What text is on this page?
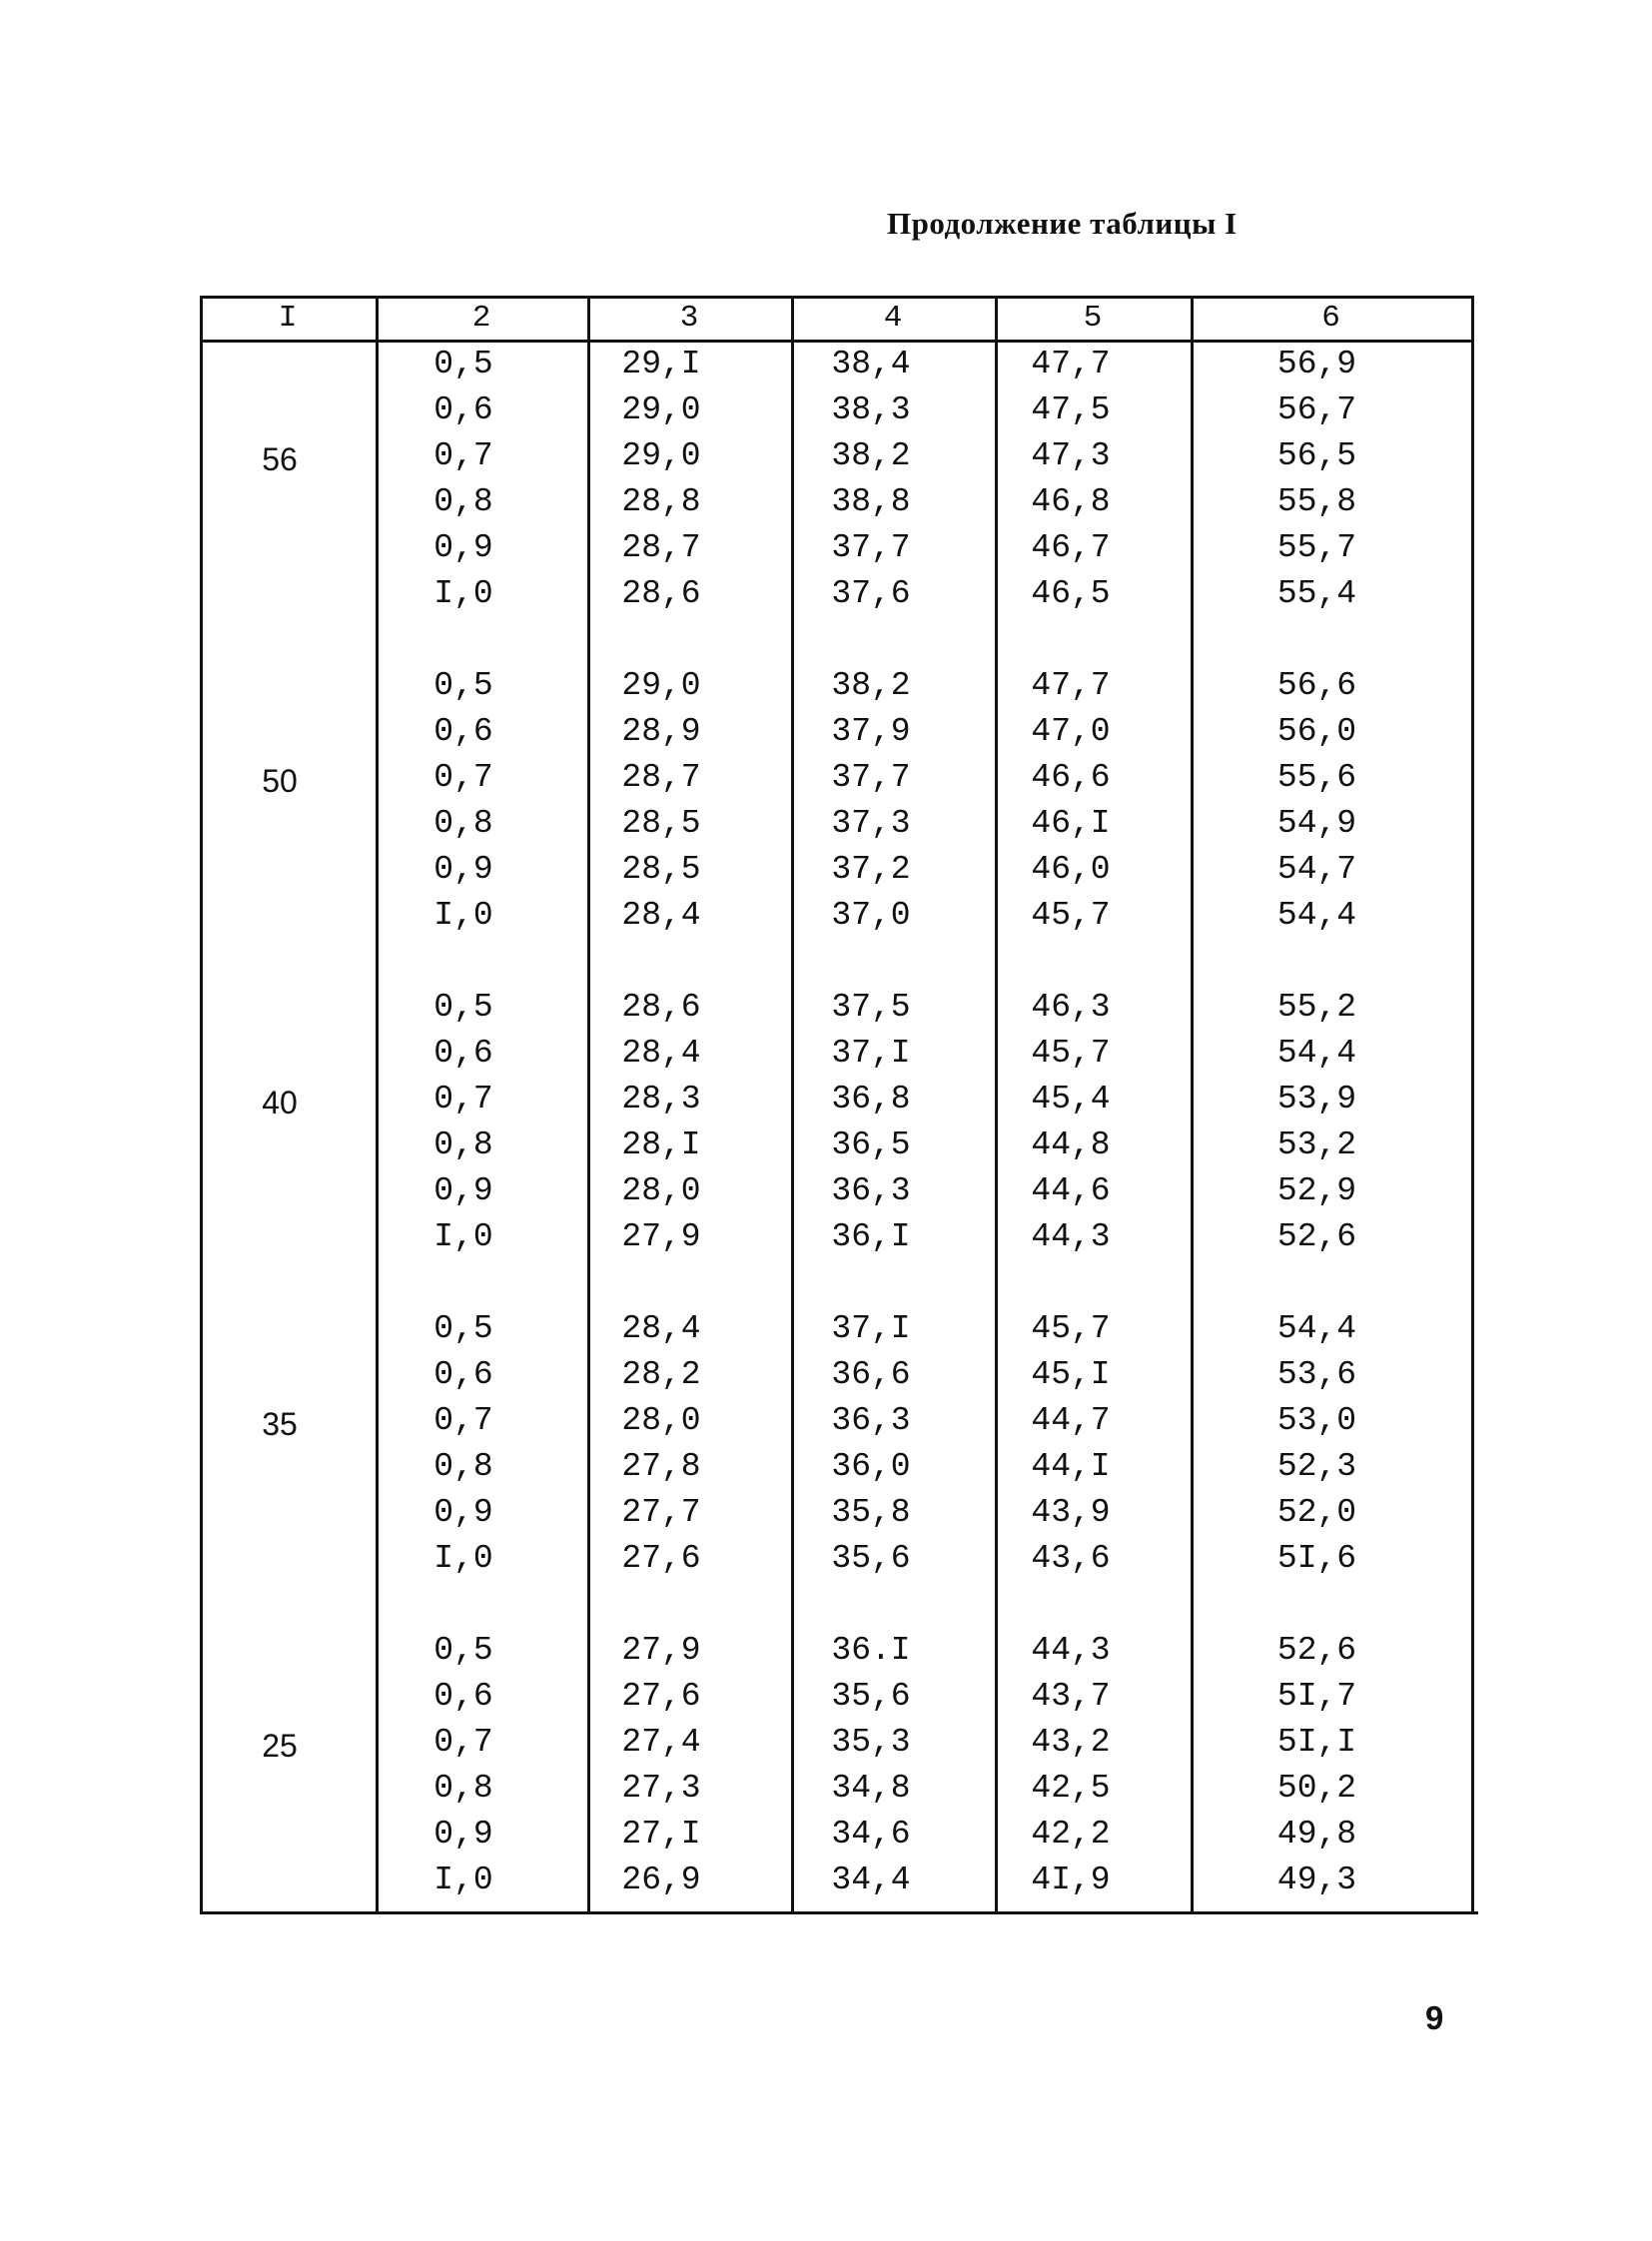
Продолжение таблицы I
I	2	3	4	5	6
56
0,5	29,I	38,4	47,7	56,9
0,6	29,0	38,3	47,5	56,7
0,7	29,0	38,2	47,3	56,5
0,8	28,8	38,8	46,8	55,8
0,9	28,7	37,7	46,7	55,7
I,0	28,6	37,6	46,5	55,4
50
0,5	29,0	38,2	47,7	56,6
0,6	28,9	37,9	47,0	56,0
0,7	28,7	37,7	46,6	55,6
0,8	28,5	37,3	46,I	54,9
0,9	28,5	37,2	46,0	54,7
I,0	28,4	37,0	45,7	54,4
40
0,5	28,6	37,5	46,3	55,2
0,6	28,4	37,I	45,7	54,4
0,7	28,3	36,8	45,4	53,9
0,8	28,I	36,5	44,8	53,2
0,9	28,0	36,3	44,6	52,9
I,0	27,9	36,I	44,3	52,6
35
0,5	28,4	37,I	45,7	54,4
0,6	28,2	36,6	45,I	53,6
0,7	28,0	36,3	44,7	53,0
0,8	27,8	36,0	44,I	52,3
0,9	27,7	35,8	43,9	52,0
I,0	27,6	35,6	43,6	5I,6
25
0,5	27,9	36.I	44,3	52,6
0,6	27,6	35,6	43,7	5I,7
0,7	27,4	35,3	43,2	5I,I
0,8	27,3	34,8	42,5	50,2
0,9	27,I	34,6	42,2	49,8
I,0	26,9	34,4	4I,9	49,3
9
